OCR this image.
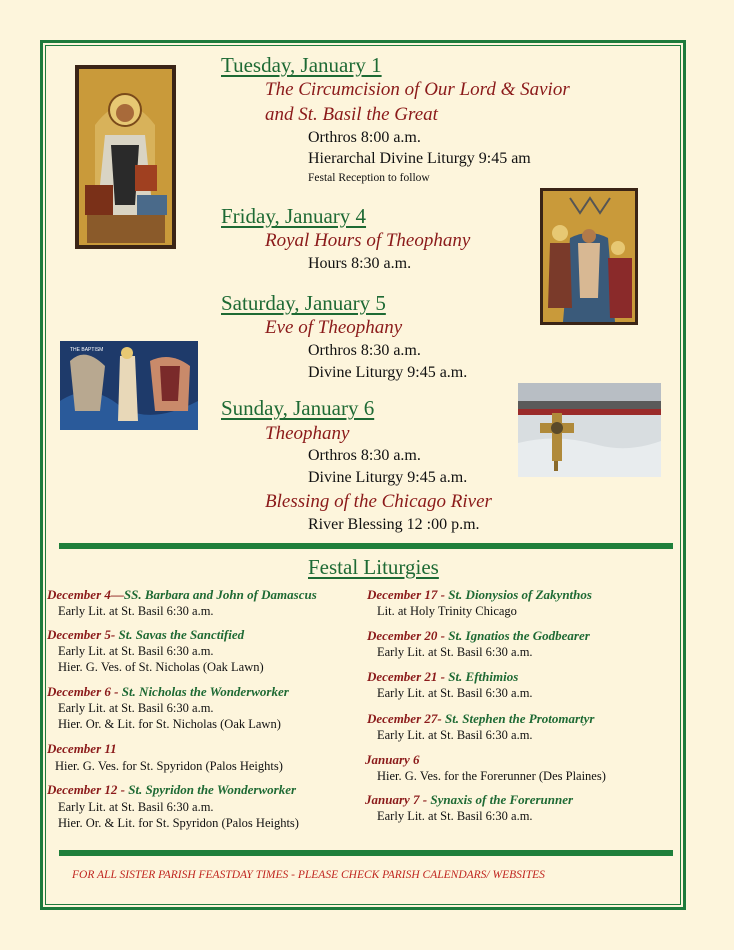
THE BAPTISM
Tuesday, January 1
The Circumcision of Our Lord & Savior
and St. Basil the Great
Orthros 8:00 a.m.
Hierarchal Divine Liturgy 9:45 am
Festal Reception to follow
Friday, January 4
Royal Hours of Theophany
Hours 8:30 a.m.
Saturday, January 5
Eve of Theophany
Orthros 8:30 a.m.
Divine Liturgy 9:45 a.m.
Sunday, January 6
Theophany
Orthros 8:30 a.m.
Divine Liturgy 9:45 a.m.
Blessing of the Chicago River
River Blessing 12 :00 p.m.
Festal Liturgies
December 4—SS. Barbara and John of Damascus
Early Lit. at St. Basil 6:30 a.m.
December 5- St. Savas the Sanctified
Early Lit. at St. Basil 6:30 a.m.
Hier. G. Ves. of St. Nicholas (Oak Lawn)
December 6 - St. Nicholas the Wonderworker
Early Lit. at St. Basil 6:30 a.m.
Hier. Or. & Lit. for St. Nicholas (Oak Lawn)
December 11
Hier. G. Ves. for St. Spyridon (Palos Heights)
December 12 - St. Spyridon the Wonderworker
Early Lit. at St. Basil 6:30 a.m.
Hier. Or. & Lit. for St. Spyridon (Palos Heights)
December 17 - St. Dionysios of Zakynthos
Lit. at Holy Trinity Chicago
December 20 - St. Ignatios the Godbearer
Early Lit. at St. Basil 6:30 a.m.
December 21 - St. Efthimios
Early Lit. at St. Basil 6:30 a.m.
December 27- St. Stephen the Protomartyr
Early Lit. at St. Basil 6:30 a.m.
January 6
Hier. G. Ves. for the Forerunner (Des Plaines)
January 7 - Synaxis of the Forerunner
Early Lit. at St. Basil 6:30 a.m.
FOR ALL SISTER PARISH FEASTDAY TIMES - PLEASE CHECK PARISH CALENDARS/ WEBSITES
